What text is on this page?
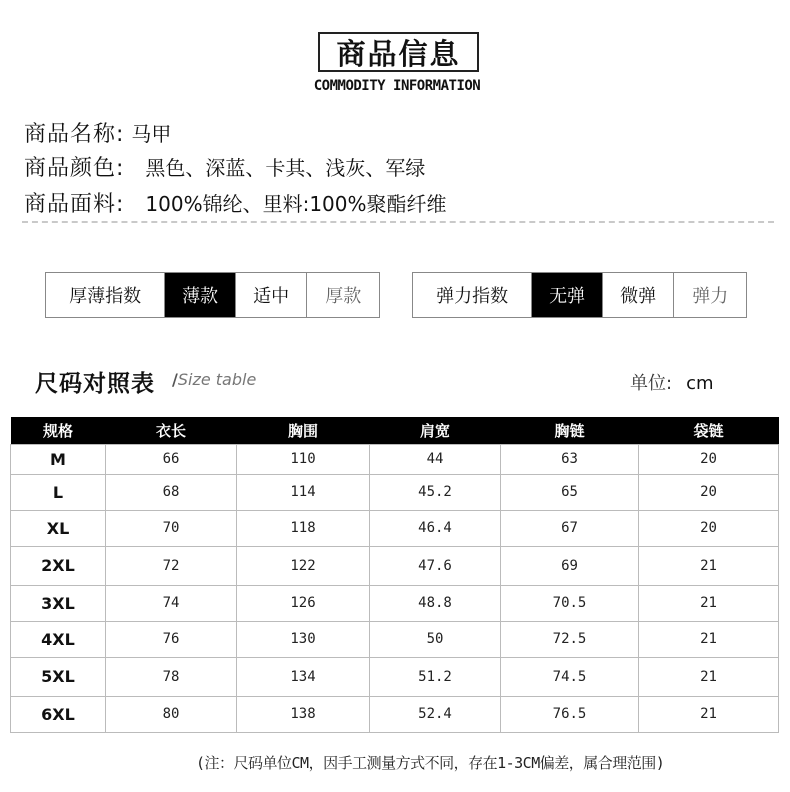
商品信息
COMMODITY INFORMATION
商品名称: 马甲
商品颜色: 黑色、深蓝、卡其、浅灰、军绿
商品面料: 100%锦纶、里料:100%聚酯纤维
厚薄指数	薄款	适中	厚款	弹力指数	无弹	微弹	弹力
尺码对照表 /Size table	单位: cm
规格	衣长	胸围	肩宽	胸链	袋链
M	66	110	44	63	20
L	68	114	45.2	65	20
XL	70	118	46.4	67	20
2XL	72	122	47.6	69	21
3XL	74	126	48.8	70.5	21
4XL	76	130	50	72.5	21
5XL	78	134	51.2	74.5	21
6XL	80	138	52.4	76.5	21
(注：尺码单位CM，因手工测量方式不同，存在1-3CM偏差，属合理范围)
